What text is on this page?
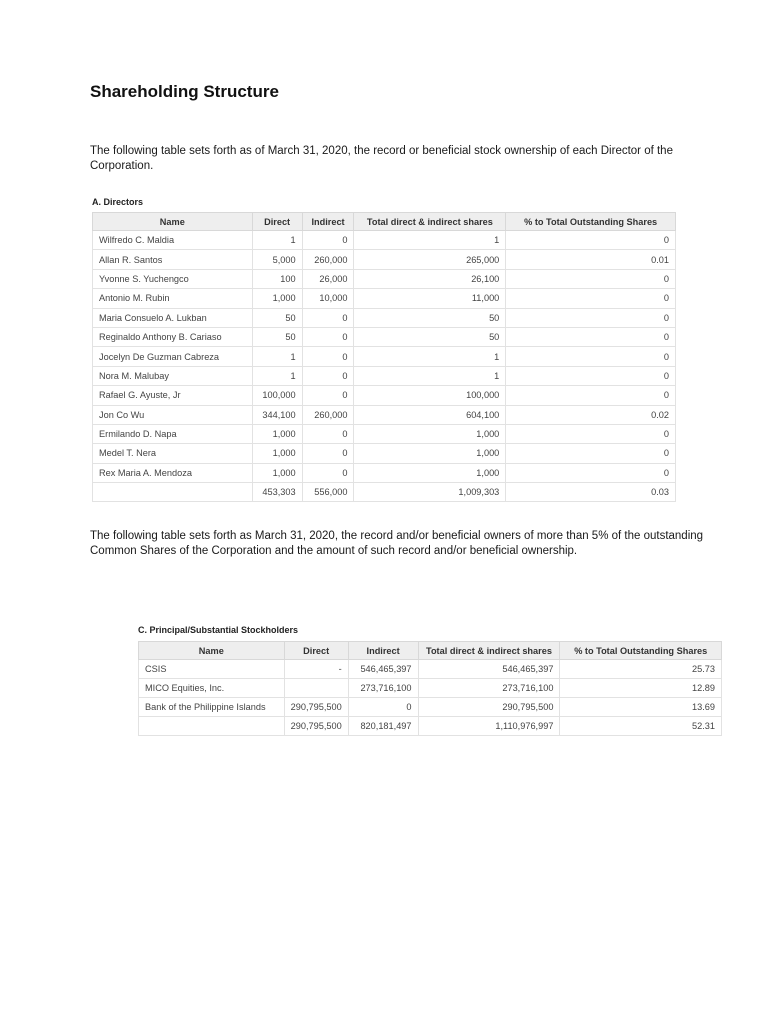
Shareholding Structure
The following table sets forth as of March 31, 2020, the record or beneficial stock ownership of each Director of the Corporation.
A. Directors
Name	Direct	Indirect	Total direct & indirect shares	% to Total Outstanding Shares
Wilfredo C. Maldia	1	0	1	0
Allan R. Santos	5,000	260,000	265,000	0.01
Yvonne S. Yuchengco	100	26,000	26,100	0
Antonio M. Rubin	1,000	10,000	11,000	0
Maria Consuelo A. Lukban	50	0	50	0
Reginaldo Anthony B. Cariaso	50	0	50	0
Jocelyn De Guzman Cabreza	1	0	1	0
Nora M. Malubay	1	0	1	0
Rafael G. Ayuste, Jr	100,000	0	100,000	0
Jon Co Wu	344,100	260,000	604,100	0.02
Ermilando D. Napa	1,000	0	1,000	0
Medel T. Nera	1,000	0	1,000	0
Rex Maria A. Mendoza	1,000	0	1,000	0
	453,303	556,000	1,009,303	0.03
The following table sets forth as March 31, 2020, the record and/or beneficial owners of more than 5% of the outstanding Common Shares of the Corporation and the amount of such record and/or beneficial ownership.
C. Principal/Substantial Stockholders
Name	Direct	Indirect	Total direct & indirect shares	% to Total Outstanding Shares
CSIS	-	546,465,397	546,465,397	25.73
MICO Equities, Inc.		273,716,100	273,716,100	12.89
Bank of the Philippine Islands	290,795,500	0	290,795,500	13.69
	290,795,500	820,181,497	1,110,976,997	52.31
